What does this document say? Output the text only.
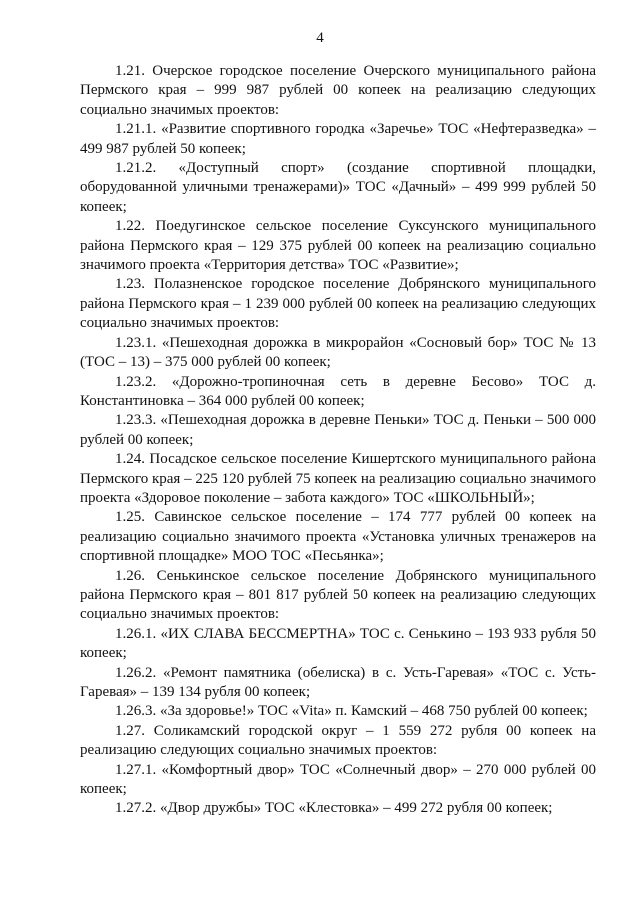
4

1.21. Очерское городское поселение Очерского муниципального района Пермского края – 999 987 рублей 00 копеек на реализацию следующих социально значимых проектов:

1.21.1. «Развитие спортивного городка «Заречье» ТОС «Нефтеразведка» – 499 987 рублей 50 копеек;

1.21.2. «Доступный спорт» (создание спортивной площадки, оборудованной уличными тренажерами)» ТОС «Дачный» – 499 999 рублей 50 копеек;

1.22. Поедугинское сельское поселение Суксунского муниципального района Пермского края – 129 375 рублей 00 копеек на реализацию социально значимого проекта «Территория детства» ТОС «Развитие»;

1.23. Полазненское городское поселение Добрянского муниципального района Пермского края – 1 239 000 рублей 00 копеек на реализацию следующих социально значимых проектов:

1.23.1. «Пешеходная дорожка в микрорайон «Сосновый бор» ТОС № 13 (ТОС – 13) – 375 000 рублей 00 копеек;

1.23.2. «Дорожно-тропиночная сеть в деревне Бесово» ТОС д. Константиновка – 364 000 рублей 00 копеек;

1.23.3. «Пешеходная дорожка в деревне Пеньки» ТОС д. Пеньки – 500 000 рублей 00 копеек;

1.24. Посадское сельское поселение Кишертского муниципального района Пермского края – 225 120 рублей 75 копеек на реализацию социально значимого проекта «Здоровое поколение – забота каждого» ТОС «ШКОЛЬНЫЙ»;

1.25. Савинское сельское поселение – 174 777 рублей 00 копеек на реализацию социально значимого проекта «Установка уличных тренажеров на спортивной площадке» МОО ТОС «Песьянка»;

1.26. Сенькинское сельское поселение Добрянского муниципального района Пермского края – 801 817 рублей 50 копеек на реализацию следующих социально значимых проектов:

1.26.1. «ИХ СЛАВА БЕССМЕРТНА» ТОС с. Сенькино – 193 933 рубля 50 копеек;

1.26.2. «Ремонт памятника (обелиска) в с. Усть-Гаревая» «ТОС с. Усть-Гаревая» – 139 134 рубля 00 копеек;

1.26.3. «За здоровье!» ТОС «Vita» п. Камский – 468 750 рублей 00 копеек;

1.27. Соликамский городской округ – 1 559 272 рубля 00 копеек на реализацию следующих социально значимых проектов:

1.27.1. «Комфортный двор» ТОС «Солнечный двор» – 270 000 рублей 00 копеек;

1.27.2. «Двор дружбы» ТОС «Клестовка» – 499 272 рубля 00 копеек;
